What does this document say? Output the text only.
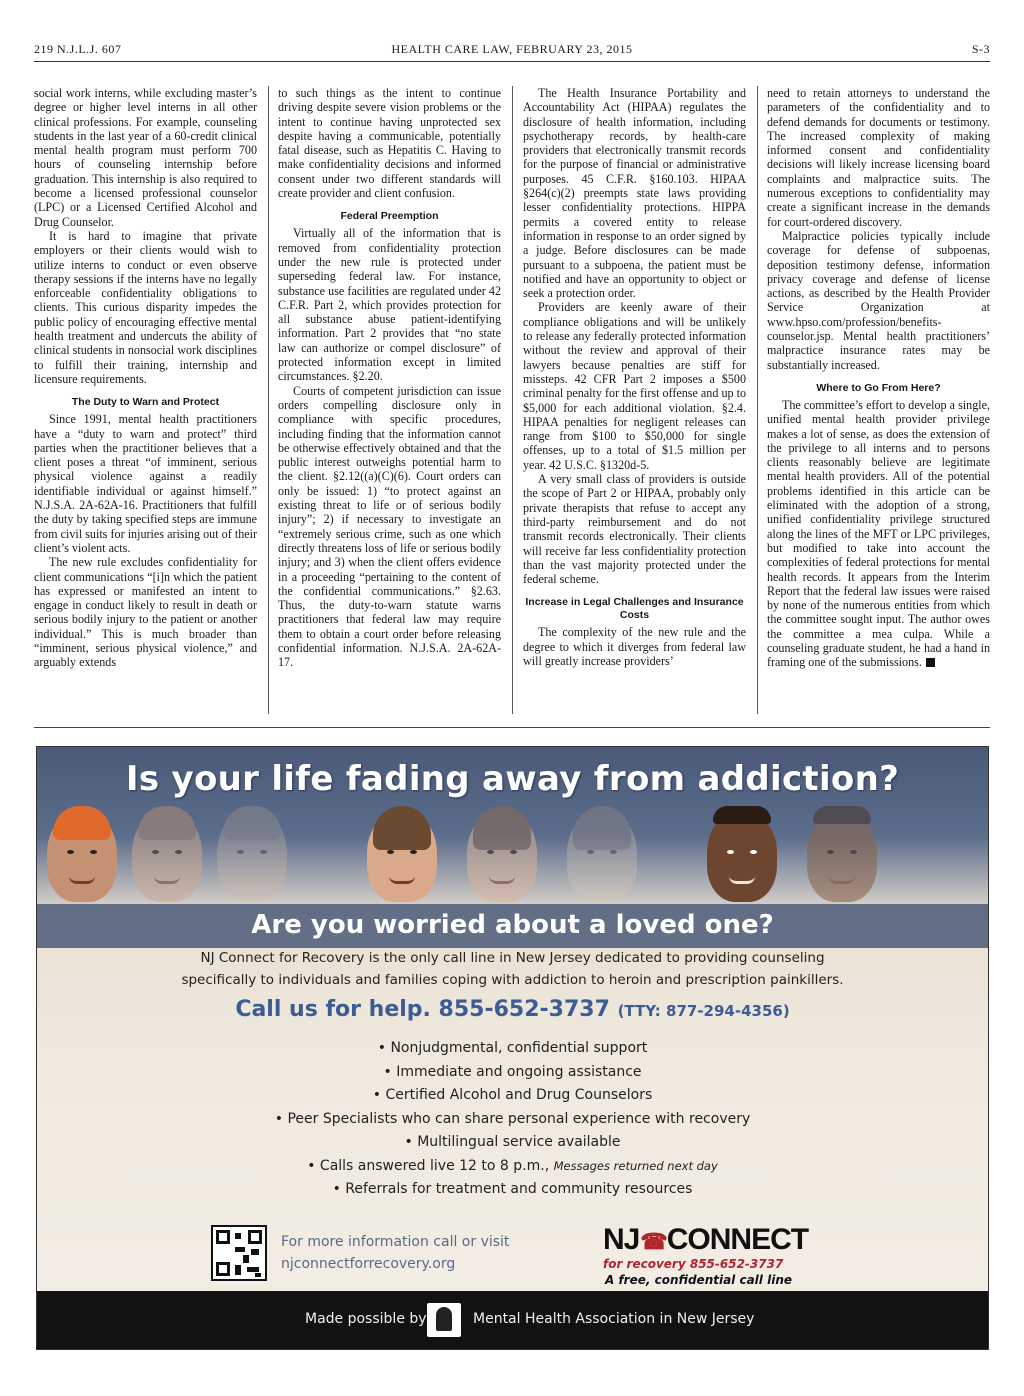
219 N.J.L.J. 607	HEALTH CARE LAW, FEBRUARY 23, 2015	S-3

social work interns, while excluding master’s degree or higher level interns in all other clinical professions. For example, counseling students in the last year of a 60-credit clinical mental health program must perform 700 hours of counseling internship before graduation. This internship is also required to become a licensed professional counselor (LPC) or a Licensed Certified Alcohol and Drug Counselor.

It is hard to imagine that private employers or their clients would wish to utilize interns to conduct or even observe therapy sessions if the interns have no legally enforceable confidentiality obligations to clients. This curious disparity impedes the public policy of encouraging effective mental health treatment and undercuts the ability of clinical students in nonsocial work disciplines to fulfill their training, internship and licensure requirements.

The Duty to Warn and Protect

Since 1991, mental health practitioners have a “duty to warn and protect” third parties when the practitioner believes that a client poses a threat “of imminent, serious physical violence against a readily identifiable individual or against himself.” N.J.S.A. 2A-62A-16. Practitioners that fulfill the duty by taking specified steps are immune from civil suits for injuries arising out of their client’s violent acts.

The new rule excludes confidentiality for client communications “[i]n which the patient has expressed or manifested an intent to engage in conduct likely to result in death or serious bodily injury to the patient or another individual.” This is much broader than “imminent, serious physical violence,” and arguably extends

to such things as the intent to continue driving despite severe vision problems or the intent to continue having unprotected sex despite having a communicable, potentially fatal disease, such as Hepatitis C. Having to make confidentiality decisions and informed consent under two different standards will create provider and client confusion.

Federal Preemption

Virtually all of the information that is removed from confidentiality protection under the new rule is protected under superseding federal law. For instance, substance use facilities are regulated under 42 C.F.R. Part 2, which provides protection for all substance abuse patient-identifying information. Part 2 provides that “no state law can authorize or compel disclosure” of protected information except in limited circumstances. §2.20.

Courts of competent jurisdiction can issue orders compelling disclosure only in compliance with specific procedures, including finding that the information cannot be otherwise effectively obtained and that the public interest outweighs potential harm to the client. §2.12((a)(C)(6). Court orders can only be issued: 1) “to protect against an existing threat to life or of serious bodily injury”; 2) if necessary to investigate an “extremely serious crime, such as one which directly threatens loss of life or serious bodily injury; and 3) when the client offers evidence in a proceeding “pertaining to the content of the confidential communications.” §2.63. Thus, the duty-to-warn statute warns practitioners that federal law may require them to obtain a court order before releasing confidential information. N.J.S.A. 2A-62A-17.

The Health Insurance Portability and Accountability Act (HIPAA) regulates the disclosure of health information, including psychotherapy records, by health-care providers that electronically transmit records for the purpose of financial or administrative purposes. 45 C.F.R. §160.103. HIPAA §264(c)(2) preempts state laws providing lesser confidentiality protections. HIPPA permits a covered entity to release information in response to an order signed by a judge. Before disclosures can be made pursuant to a subpoena, the patient must be notified and have an opportunity to object or seek a protection order.

Providers are keenly aware of their compliance obligations and will be unlikely to release any federally protected information without the review and approval of their lawyers because penalties are stiff for missteps. 42 CFR Part 2 imposes a $500 criminal penalty for the first offense and up to $5,000 for each additional violation. §2.4. HIPAA penalties for negligent releases can range from $100 to $50,000 for single offenses, up to a total of $1.5 million per year. 42 U.S.C. §1320d-5.

A very small class of providers is outside the scope of Part 2 or HIPAA, probably only private therapists that refuse to accept any third-party reimbursement and do not transmit records electronically. Their clients will receive far less confidentiality protection than the vast majority protected under the federal scheme.

Increase in Legal Challenges and Insurance Costs

The complexity of the new rule and the degree to which it diverges from federal law will greatly increase providers’

need to retain attorneys to understand the parameters of the confidentiality and to defend demands for documents or testimony. The increased complexity of making informed consent and confidentiality decisions will likely increase licensing board complaints and malpractice suits. The numerous exceptions to confidentiality may create a significant increase in the demands for court-ordered discovery.

Malpractice policies typically include coverage for defense of subpoenas, deposition testimony defense, information privacy coverage and defense of license actions, as described by the Health Provider Service Organization at www.hpso.com/profession/benefits-counselor.jsp. Mental health practitioners’ malpractice insurance rates may be substantially increased.

Where to Go From Here?

The committee’s effort to develop a single, unified mental health provider privilege makes a lot of sense, as does the extension of the privilege to all interns and to persons clients reasonably believe are legitimate mental health providers. All of the potential problems identified in this article can be eliminated with the adoption of a strong, unified confidentiality privilege structured along the lines of the MFT or LPC privileges, but modified to take into account the complexities of federal protections for mental health records. It appears from the Interim Report that the federal law issues were raised by none of the numerous entities from which the committee sought input. The author owes the committee a mea culpa. While a counseling graduate student, he had a hand in framing one of the submissions.

Is your life fading away from addiction?
Are you worried about a loved one?
NJ Connect for Recovery is the only call line in New Jersey dedicated to providing counseling
specifically to individuals and families coping with addiction to heroin and prescription painkillers.
Call us for help. 855-652-3737 (TTY: 877-294-4356)
• Nonjudgmental, confidential support
• Immediate and ongoing assistance
• Certified Alcohol and Drug Counselors
• Peer Specialists who can share personal experience with recovery
• Multilingual service available
• Calls answered live 12 to 8 p.m., Messages returned next day
• Referrals for treatment and community resources
For more information call or visit
njconnectforrecovery.org
NJ☎CONNECT
for recovery 855-652-3737
A free, confidential call line
Made possible by	Mental Health Association in New Jersey
